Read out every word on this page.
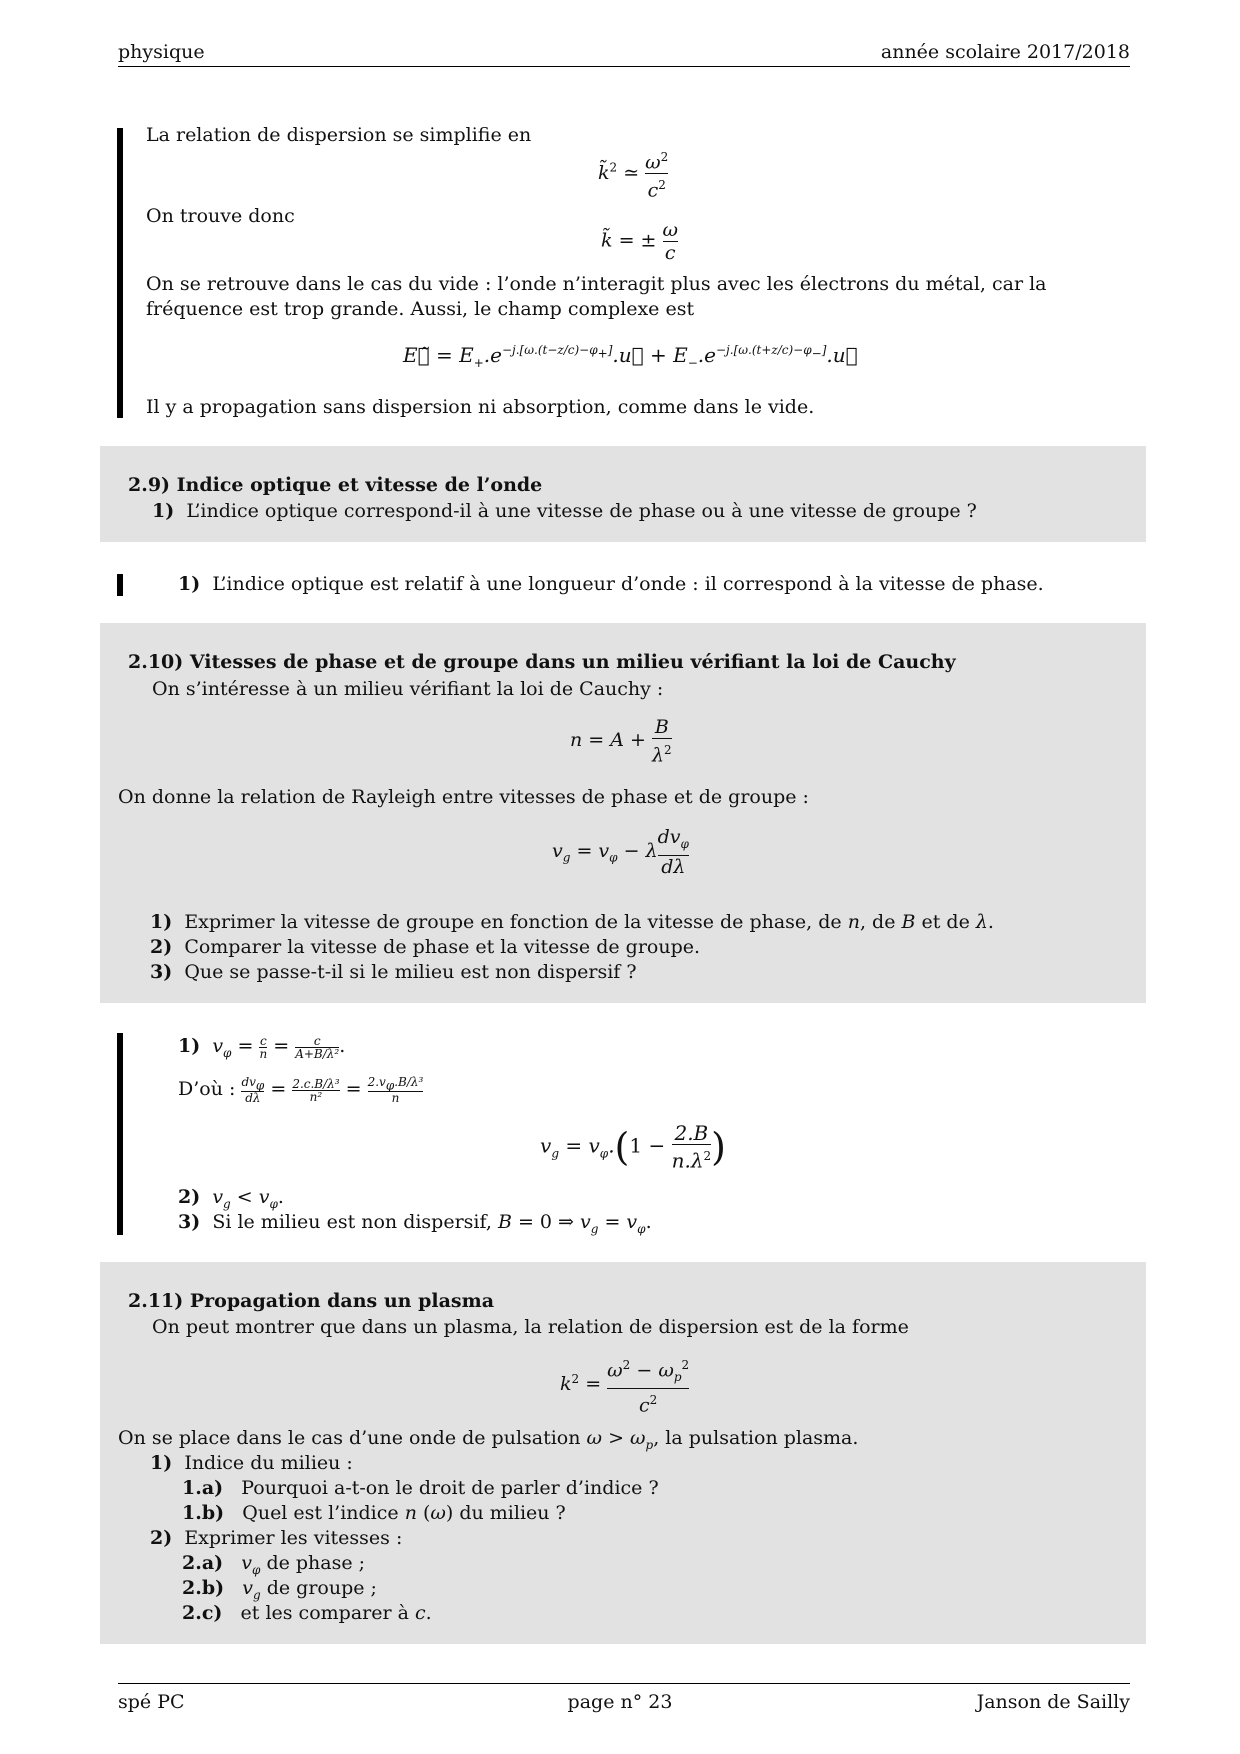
physique	année scolaire 2017/2018
La relation de dispersion se simplifie en
k̃$^2$ ≃ $\frac{\omega^2}{c^2}$
On trouve donc
k̃ = ± $\frac{\omega}{c}$
On se retrouve dans le cas du vide : l’onde n’interagit plus avec les électrons du métal, car la fréquence est trop grande. Aussi, le champ complexe est
E⃗̃ = $E_+.e^{-j.[\omega.(t-z/c)-\varphi_+]}.u⃗$ + $E_-.e^{-j.[\omega.(t+z/c)-\varphi_-]}.u⃗$
Il y a propagation sans dispersion ni absorption, comme dans le vide.
2.9) Indice optique et vitesse de l’onde
1) L’indice optique correspond-il à une vitesse de phase ou à une vitesse de groupe ?
1) L’indice optique est relatif à une longueur d’onde : il correspond à la vitesse de phase.
2.10) Vitesses de phase et de groupe dans un milieu vérifiant la loi de Cauchy
On s’intéresse à un milieu vérifiant la loi de Cauchy :
$n = A + \frac{B}{\lambda^2}$
On donne la relation de Rayleigh entre vitesses de phase et de groupe :
$v_g = v_\varphi - \lambda \frac{dv_\varphi}{d\lambda}$
1) Exprimer la vitesse de groupe en fonction de la vitesse de phase, de n, de B et de λ.
2) Comparer la vitesse de phase et la vitesse de groupe.
3) Que se passe-t-il si le milieu est non dispersif ?
1) $v_\varphi = \frac{c}{n} = \frac{c}{\text{A+B/λ²}}$ .
D’où : $dv_\varphi$
$d\lambda = \frac{\text{2.c.B/λ³}}{\text{n²}} = \frac{2.v_\varphi.B/\lambda^3}{n}$
$v_g = v_\varphi.(1 - \frac{2.B}{n.\lambda^2}$ )
2) $v_g < v_\varphi$.
3) Si le milieu est non dispersif, B = 0 ⇒ $v_g = v_\varphi$.
2.11) Propagation dans un plasma
On peut montrer que dans un plasma, la relation de dispersion est de la forme
$k^2 = \frac{\omega^2 - \omega_p^2}{c^2}$
On se place dans le cas d’une onde de pulsation $\omega > \omega_p$, la pulsation plasma.
1) Indice du milieu :
1.a) Pourquoi a-t-on le droit de parler d’indice ?
1.b) Quel est l’indice n (ω) du milieu ?
2) Exprimer les vitesses :
2.a) $v_\varphi$ de phase ;
2.b) $v_g$ de groupe ;
2.c) et les comparer à c.
spé PC	page n° 23	Janson de Sailly
